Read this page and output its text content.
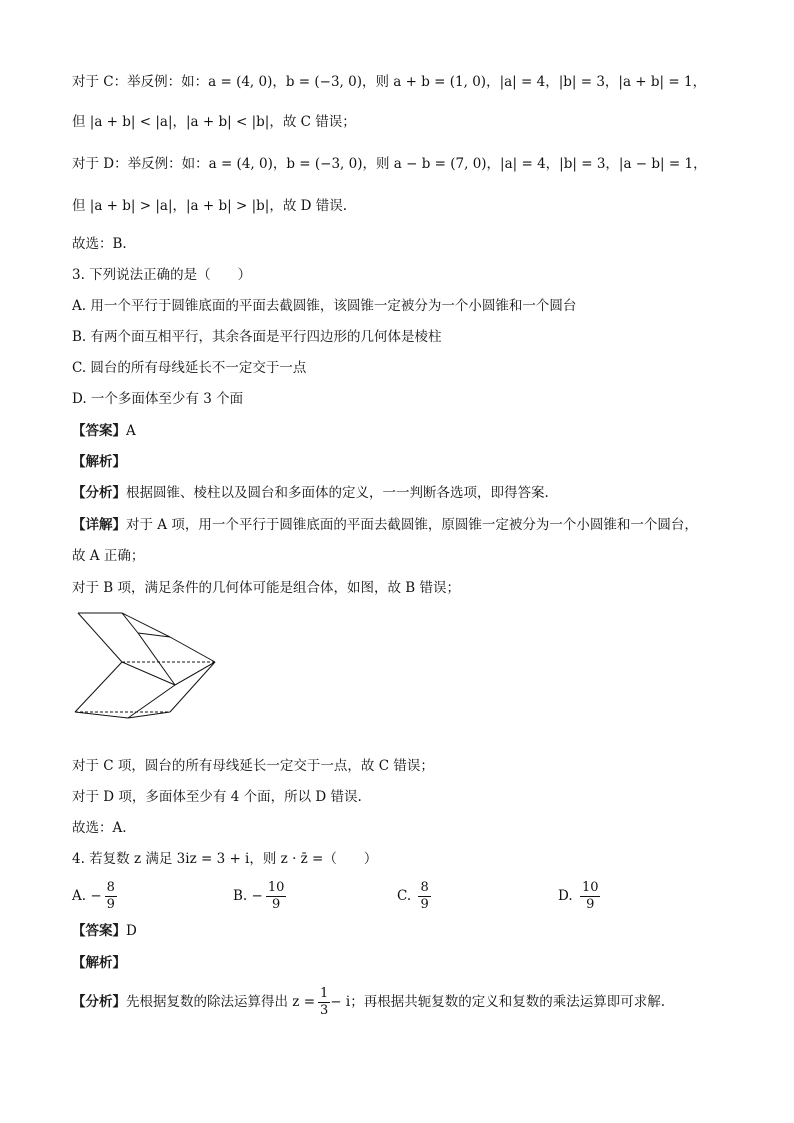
对于 C：举反例：如：a = (4, 0)，b = (−3, 0)，则 a + b = (1, 0)，|a| = 4，|b| = 3，|a + b| = 1，
但 |a + b| < |a|，|a + b| < |b|，故 C 错误；
对于 D：举反例：如：a = (4, 0)，b = (−3, 0)，则 a − b = (7, 0)，|a| = 4，|b| = 3，|a − b| = 1，
但 |a + b| > |a|，|a + b| > |b|，故 D 错误.
故选：B.
3. 下列说法正确的是（　　）
A. 用一个平行于圆锥底面的平面去截圆锥，该圆锥一定被分为一个小圆锥和一个圆台
B. 有两个面互相平行，其余各面是平行四边形的几何体是棱柱
C. 圆台的所有母线延长不一定交于一点
D. 一个多面体至少有 3 个面
【答案】A
【解析】
【分析】根据圆锥、棱柱以及圆台和多面体的定义，一一判断各选项，即得答案.
【详解】对于 A 项，用一个平行于圆锥底面的平面去截圆锥，原圆锥一定被分为一个小圆锥和一个圆台，
故 A 正确；
对于 B 项，满足条件的几何体可能是组合体，如图，故 B 错误；
对于 C 项，圆台的所有母线延长一定交于一点，故 C 错误；
对于 D 项，多面体至少有 4 个面，所以 D 错误.
故选：A.
4. 若复数 z 满足 3iz = 3 + i，则 z · z̄ =（　　）
A.
− $\frac{8}{9}$	B.
− $\frac{10}{9}$	C.
$\frac{8}{9}$	D.
$\frac{10}{9}$
【答案】D
【解析】
【分析】 先根据复数的除法运算得出 $z = \frac{1}{3} - i$；再根据共轭复数的定义和复数的乘法运算即可求解.
